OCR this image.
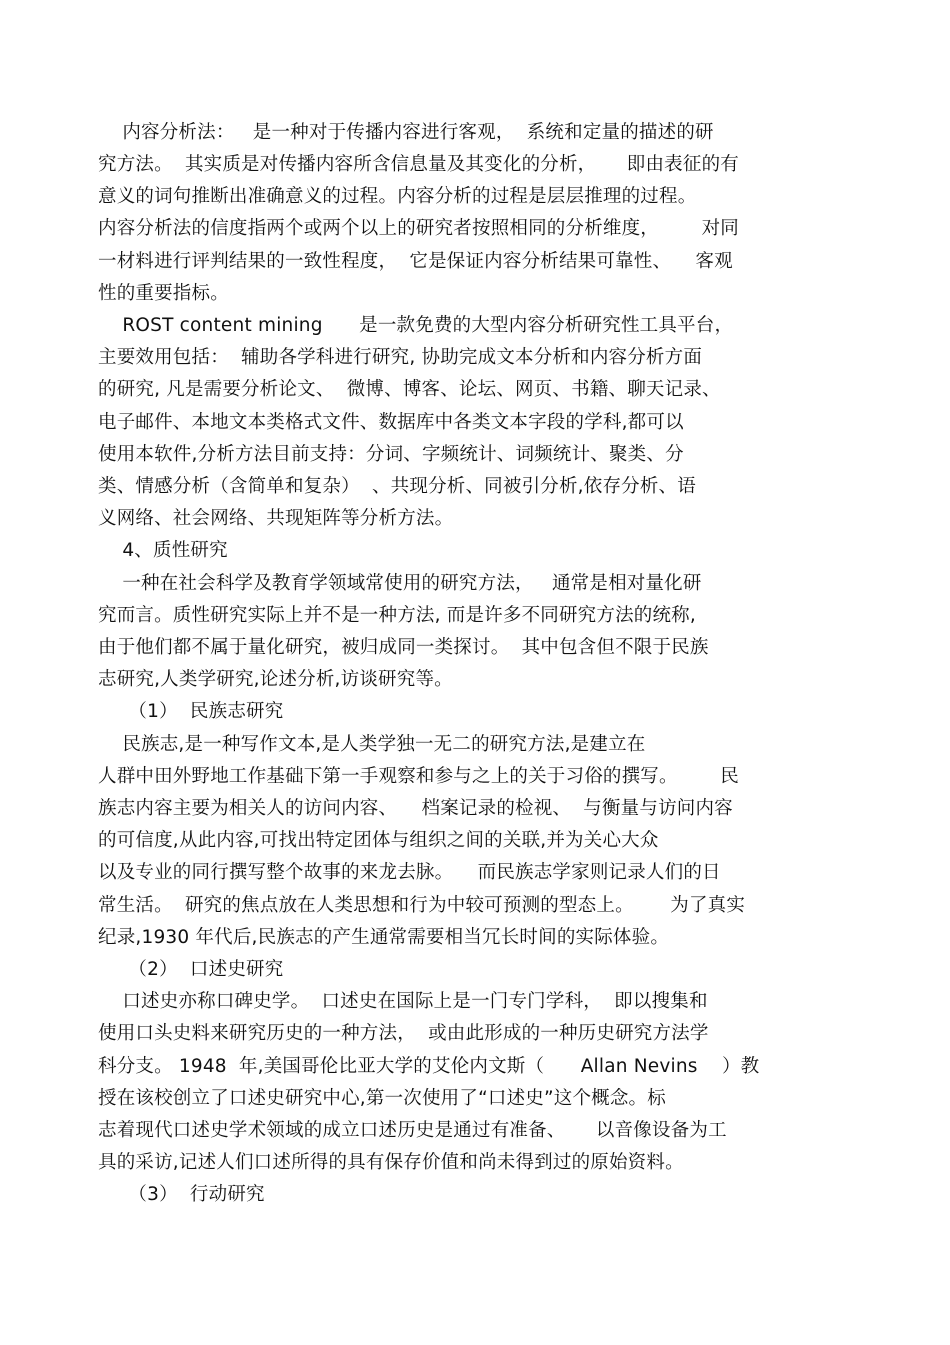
内容分析法：   是一种对于传播内容进行客观，  系统和定量的描述的研
究方法。  其实质是对传播内容所含信息量及其变化的分析，     即由表征的有
意义的词句推断出准确意义的过程。内容分析的过程是层层推理的过程。
内容分析法的信度指两个或两个以上的研究者按照相同的分析维度，       对同
一材料进行评判结果的一致性程度，  它是保证内容分析结果可靠性、    客观
性的重要指标。
ROST content mining      是一款免费的大型内容分析研究性工具平台，
主要效用包括：  辅助各学科进行研究, 协助完成文本分析和内容分析方面
的研究, 凡是需要分析论文、  微博、博客、论坛、网页、书籍、聊天记录、
电子邮件、本地文本类格式文件、数据库中各类文本字段的学科,都可以
使用本软件,分析方法目前支持：分词、字频统计、词频统计、聚类、分
类、情感分析（含简单和复杂）  、共现分析、同被引分析,依存分析、语
义网络、社会网络、共现矩阵等分析方法。
4、质性研究
一种在社会科学及教育学领域常使用的研究方法，   通常是相对量化研
究而言。质性研究实际上并不是一种方法, 而是许多不同研究方法的统称,
由于他们都不属于量化研究，被归成同一类探讨。  其中包含但不限于民族
志研究,人类学研究,论述分析,访谈研究等。
（1）  民族志研究
民族志,是一种写作文本,是人类学独一无二的研究方法,是建立在
人群中田外野地工作基础下第一手观察和参与之上的关于习俗的撰写。       民
族志内容主要为相关人的访问内容、    档案记录的检视、  与衡量与访问内容
的可信度,从此内容,可找出特定团体与组织之间的关联,并为关心大众
以及专业的同行撰写整个故事的来龙去脉。    而民族志学家则记录人们的日
常生活。  研究的焦点放在人类思想和行为中较可预测的型态上。      为了真实
纪录,1930 年代后,民族志的产生通常需要相当冗长时间的实际体验。
（2）  口述史研究
口述史亦称口碑史学。  口述史在国际上是一门专门学科，  即以搜集和
使用口头史料来研究历史的一种方法，  或由此形成的一种历史研究方法学
科分支。 1948  年,美国哥伦比亚大学的艾伦内文斯（      Allan Nevins    ）教
授在该校创立了口述史研究中心,第一次使用了“口述史”这个概念。标
志着现代口述史学术领域的成立口述历史是通过有准备、     以音像设备为工
具的采访,记述人们口述所得的具有保存价值和尚未得到过的原始资料。
（3）  行动研究
